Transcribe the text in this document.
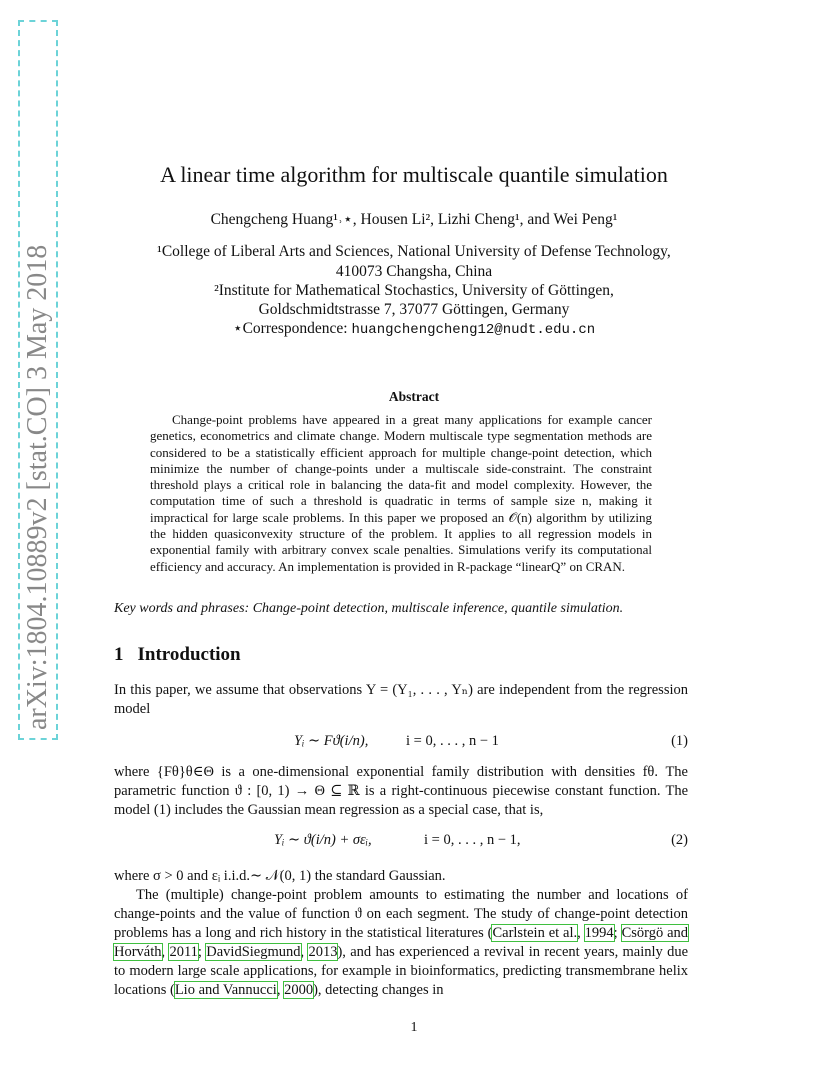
arXiv:1804.10889v2 [stat.CO] 3 May 2018
A linear time algorithm for multiscale quantile simulation
Chengcheng Huang¹˒⋆, Housen Li², Lizhi Cheng¹, and Wei Peng¹
¹College of Liberal Arts and Sciences, National University of Defense Technology,
410073 Changsha, China
²Institute for Mathematical Stochastics, University of Göttingen,
Goldschmidtstrasse 7, 37077 Göttingen, Germany
⋆Correspondence: huangchengcheng12@nudt.edu.cn
Abstract
Change-point problems have appeared in a great many applications for example cancer genetics, econometrics and climate change. Modern multiscale type segmentation methods are considered to be a statistically efficient approach for multiple change-point detection, which minimize the number of change-points under a multiscale side-constraint. The constraint threshold plays a critical role in balancing the data-fit and model complexity. However, the computation time of such a threshold is quadratic in terms of sample size n, making it impractical for large scale problems. In this paper we proposed an 𝒪(n) algorithm by utilizing the hidden quasiconvexity structure of the problem. It applies to all regression models in exponential family with arbitrary convex scale penalties. Simulations verify its computational efficiency and accuracy. An implementation is provided in R-package “linearQ” on CRAN.
Key words and phrases: Change-point detection, multiscale inference, quantile simulation.
1 Introduction
In this paper, we assume that observations Y = (Y₁, . . . , Yₙ) are independent from the regression model
Yᵢ ∼ Fϑ(i/n),	i = 0, . . . , n − 1	(1)
where {Fθ}θ∈Θ is a one-dimensional exponential family distribution with densities fθ. The parametric function ϑ : [0, 1) → Θ ⊆ ℝ is a right-continuous piecewise constant function. The model (1) includes the Gaussian mean regression as a special case, that is,
Yᵢ ∼ ϑ(i/n) + σεᵢ,	i = 0, . . . , n − 1,	(2)
where σ > 0 and εᵢ i.i.d.∼ 𝒩(0, 1) the standard Gaussian.
The (multiple) change-point problem amounts to estimating the number and locations of change-points and the value of function ϑ on each segment. The study of change-point detection problems has a long and rich history in the statistical literatures (Carlstein et al., 1994; Csörgö and Horváth, 2011; DavidSiegmund, 2013), and has experienced a revival in recent years, mainly due to modern large scale applications, for example in bioinformatics, predicting transmembrane helix locations (Lio and Vannucci, 2000), detecting changes in
1
